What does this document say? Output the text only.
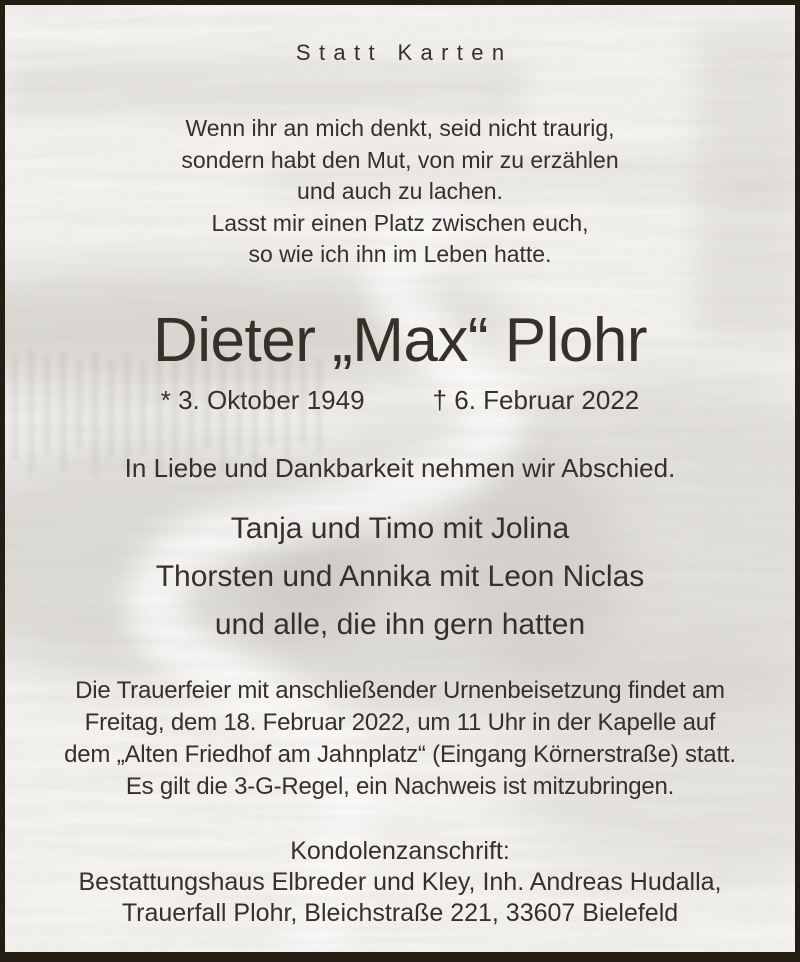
Statt Karten
Wenn ihr an mich denkt, seid nicht traurig,
sondern habt den Mut, von mir zu erzählen
und auch zu lachen.
Lasst mir einen Platz zwischen euch,
so wie ich ihn im Leben hatte.
Dieter „Max“ Plohr
* 3. Oktober 1949	† 6. Februar 2022
In Liebe und Dankbarkeit nehmen wir Abschied.
Tanja und Timo mit Jolina
Thorsten und Annika mit Leon Niclas
und alle, die ihn gern hatten
Die Trauerfeier mit anschließender Urnenbeisetzung findet am
Freitag, dem 18. Februar 2022, um 11 Uhr in der Kapelle auf
dem „Alten Friedhof am Jahnplatz“ (Eingang Körnerstraße) statt.
Es gilt die 3-G-Regel, ein Nachweis ist mitzubringen.
Kondolenzanschrift:
Bestattungshaus Elbreder und Kley, Inh. Andreas Hudalla,
Trauerfall Plohr, Bleichstraße 221, 33607 Bielefeld
